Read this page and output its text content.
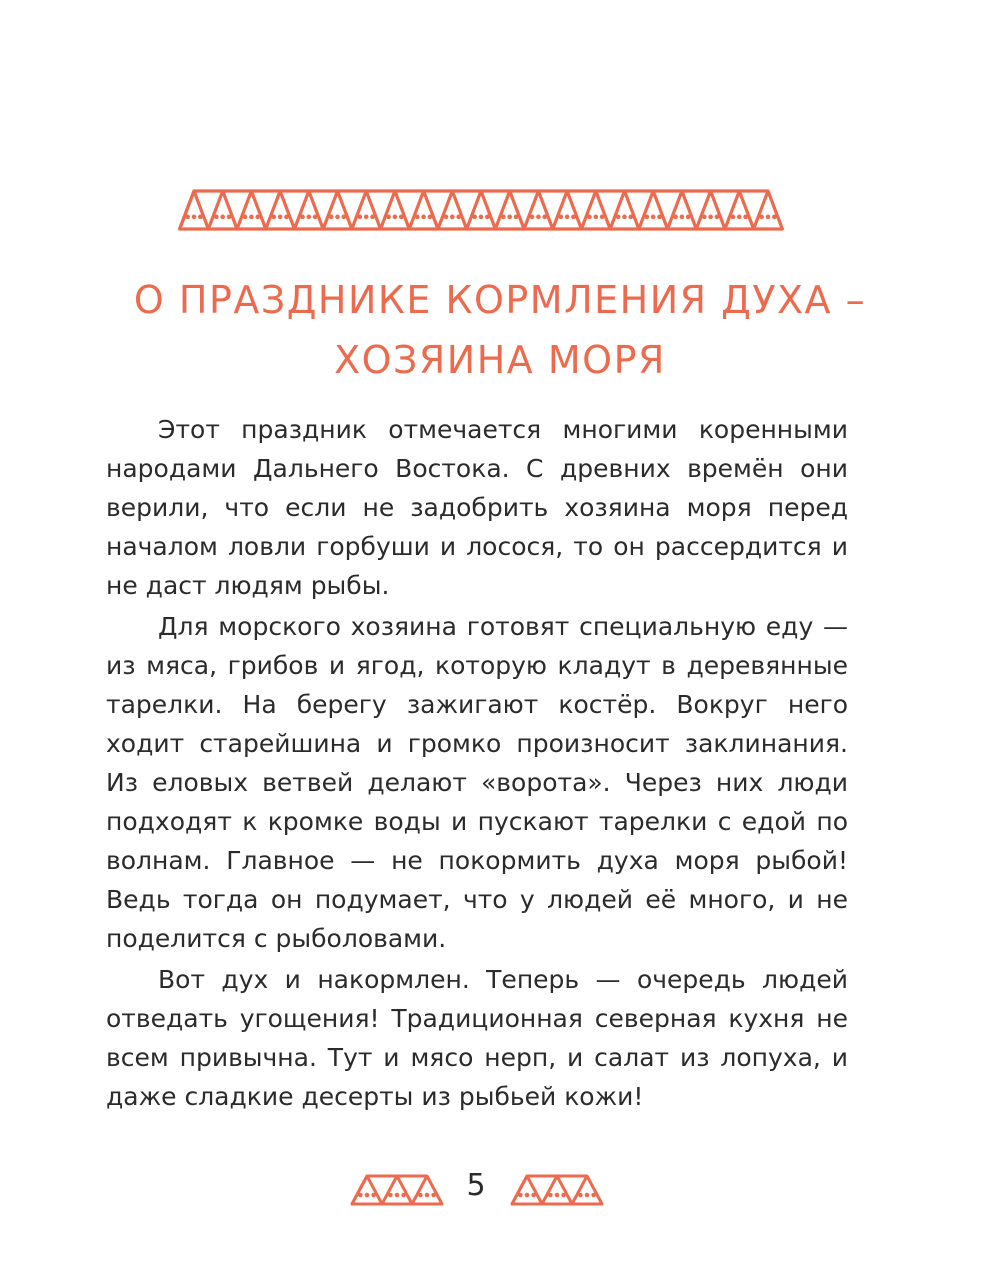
О ПРАЗДНИКЕ КОРМЛЕНИЯ ДУХА –
ХОЗЯИНА МОРЯ

Этот праздник отмечается многими коренными народами Дальнего Востока. С древних времён они верили, что если не задобрить хозяина моря перед началом ловли горбуши и лосося, то он рассердится и не даст людям рыбы.

Для морского хозяина готовят специальную еду — из мяса, грибов и ягод, которую кладут в деревянные тарелки. На берегу зажигают костёр. Вокруг него ходит старейшина и громко произносит заклинания. Из еловых ветвей делают «ворота». Через них люди подходят к кромке воды и пускают тарелки с едой по волнам. Главное — не покормить духа моря рыбой! Ведь тогда он подумает, что у людей её много, и не поделится с рыболовами.

Вот дух и накормлен. Теперь — очередь людей отведать угощения! Традиционная северная кухня не всем привычна. Тут и мясо нерп, и салат из лопуха, и даже сладкие десерты из рыбьей кожи!

5
